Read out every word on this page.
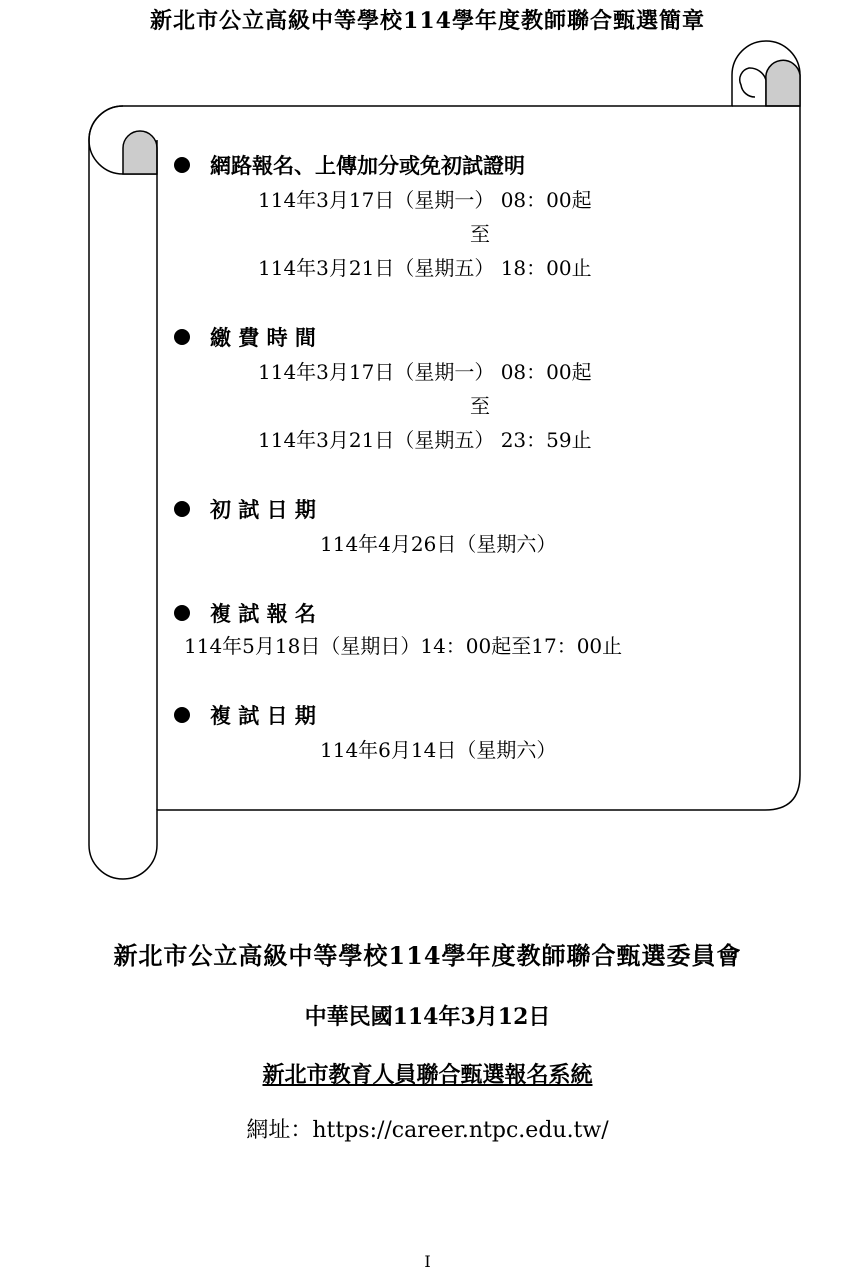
新北市公立高級中等學校114學年度教師聯合甄選簡章
網路報名、上傳加分或免初試證明
114年3月17日（星期一） 08：00起
至
114年3月21日（星期五） 18：00止
繳 費 時 間
114年3月17日（星期一） 08：00起
至
114年3月21日（星期五） 23：59止
初 試 日 期
114年4月26日（星期六）
複 試 報 名
114年5月18日（星期日）14：00起至17：00止
複 試 日 期
114年6月14日（星期六）
新北市公立高級中等學校114學年度教師聯合甄選委員會
中華民國114年3月12日
新北市教育人員聯合甄選報名系統
網址：https://career.ntpc.edu.tw/
I
